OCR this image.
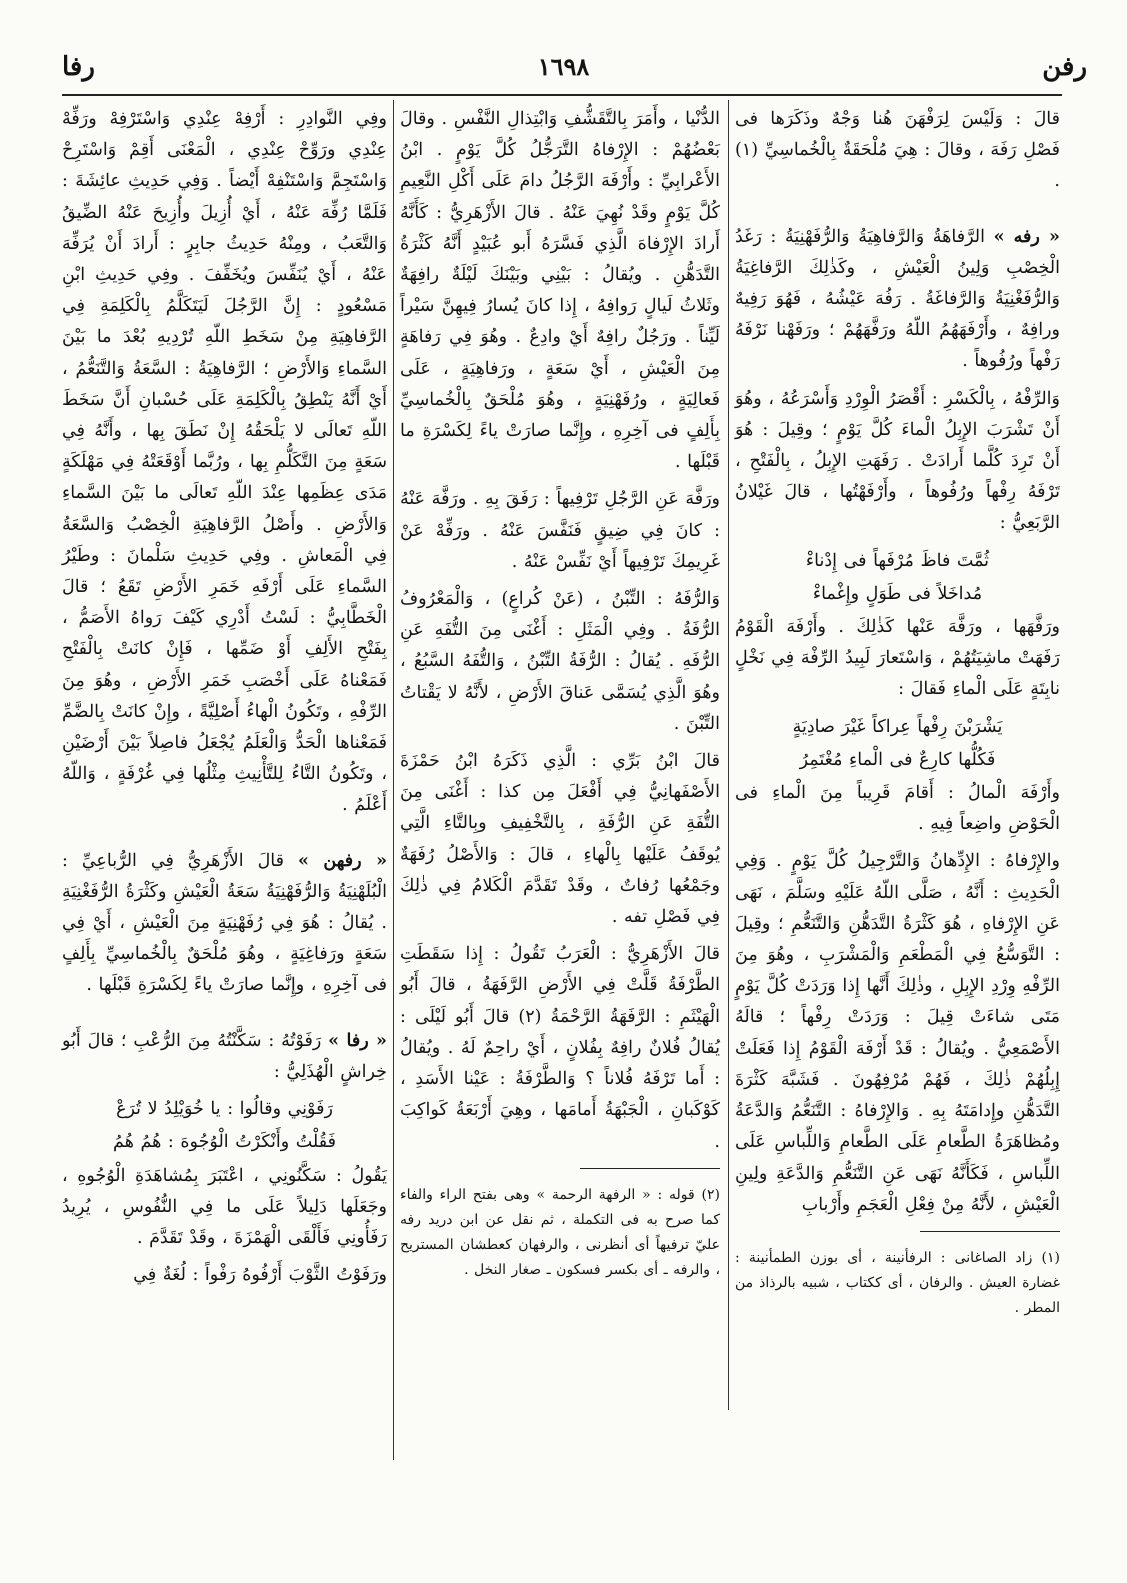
١٦٩٨	رفن
رفا

قالَ : وَلَيْسَ لِرَفْهَنَ هُنا وَجْهٌ وذَكَرَها فى فَصْلِ رَفَهَ ، وقالَ : هِيَ مُلْحَقَةٌ بِالْخُماسِيِّ (١) .

« رفه » الرَّفاهَةُ وَالرَّفاهِيَةُ وَالرُّفَهْنِيَةُ : رَغَدُ الْخِصْبِ وَلِينُ الْعَيْشِ ، وكَذٰلِكَ الرَّفاغِيَةُ وَالرُّفَغْنِيَةُ وَالرَّفاغَةُ . رَفُهَ عَيْشُهُ ، فَهُوَ رَفِيهٌ ورافِهٌ ، وأَرْفَهَهُمُ اللّهُ ورَفَّهَهُمْ ؛ ورَفَهْنا نَرْفَهُ رَفْهاً ورُفُوهاً .

وَالرِّفْهُ ، بِالْكَسْرِ : أَقْصَرُ الْوِرْدِ وَأَسْرَعُهُ ، وهُوَ أَنْ تَشْرَبَ الإِبِلُ الْماءَ كُلَّ يَوْمٍ ؛ وقِيلَ : هُوَ أَنْ تَرِدَ كُلَّما أَرادَتْ . رَفَهَتِ الإِبِلُ ، بِالْفَتْحِ ، تَرْفَهُ رِفْهاً ورُفُوهاً ، وأَرْفَهْتُها ، قالَ غَيْلانُ الرَّبَعِيُّ :

ثُمَّتَ فاظَ مُرْفَهاً فى إِدْناءْ

مُداخَلاً فى طَوَلٍ وإِغْماءْ

ورَفَّهَها ، ورَفَّهَ عَنْها كَذٰلِكَ . وأَرْفَهَ الْقَوْمُ رَفَهَتْ ماشِيَتُهُمْ ، وَاسْتَعارَ لَبِيدُ الرِّفْهَ فِي نَخْلٍ نابِتَةٍ عَلَى الْماءِ فَقالَ :

يَشْرَبْنَ رِفْهاً عِراكاً غَيْرَ صادِيَةٍ

فَكُلُّها كارِعٌ فى الْماءِ مُغْتَمِرُ

وأَرْفَهَ الْمالُ : أَقامَ قَرِيباً مِنَ الْماءِ فى الْحَوْضِ واضِعاً فِيهِ .

والإِرْفاهُ : الإِدِّهانُ وَالتَّرْجِيلُ كُلَّ يَوْمٍ . وَفِي الْحَدِيثِ : أَنَّهُ ، صَلَّى اللّهُ عَلَيْهِ وسَلَّمَ ، نَهَى عَنِ الإِرْفاهِ ، هُوَ كَثْرَةُ التَّدَهُّنِ وَالتَّنَعُّمِ ؛ وقِيلَ : التَّوَسُّعُ فِي الْمَطْعَمِ وَالْمَشْرَبِ ، وهُوَ مِنَ الرِّفْهِ وِرْدِ الإِبِلِ ، وذٰلِكَ أَنَّها إِذا وَرَدَتْ كُلَّ يَوْمٍ مَتَى شاءَتْ قِيلَ : وَرَدَتْ رِفْهاً ؛ قالَهُ الأَصْمَعِيُّ . ويُقالُ : قَدْ أَرْفَهَ الْقَوْمُ إِذا فَعَلَتْ إِبِلُهُمْ ذٰلِكَ ، فَهُمْ مُرْفِهُونَ . فَشَبَّهَ كَثْرَةَ التَّدَهُّنِ وإِدامَتَهُ بِهِ . وَالإِرْفاهُ : التَّنَعُّمُ وَالدَّعَةُ ومُظاهَرَةُ الطَّعامِ عَلَى الطَّعامِ وَاللِّباسِ عَلَى اللِّباسِ ، فَكَأَنَّهُ نَهَى عَنِ التَّنَعُّمِ وَالدَّعَةِ ولِينِ الْعَيْشِ ، لأَنَّهُ مِنْ فِعْلِ الْعَجَمِ وأَرْبابِ

(١) زاد الصاغانى : الرفأنينة ، أى بوزن الطمأنينة : غضارة العيش . والرفان ، أى ككتاب ، شبيه بالرذاذ من المطر .

الدُّنْيا ، وأَمَرَ بِالتَّقَشُّفِ وَابْتِذالِ النَّفْسِ . وقالَ بَعْضُهُمْ : الإِرْفاهُ التَّرَجُّلُ كُلَّ يَوْمٍ . ابْنُ الأَعْرابِيِّ : وأَرْفَهَ الرَّجُلُ دامَ عَلَى أَكْلِ النَّعِيمِ كُلَّ يَوْمٍ وقَدْ نُهِيَ عَنْهُ . قالَ الأَزْهَرِيُّ : كَأَنَّهُ أَرادَ الإِرْفاهَ الَّذِي فَسَّرَهُ أَبو عُبَيْدٍ أَنَّهُ كَثْرَةُ التَّدَهُّنِ . ويُقالُ : بَيْنِي وبَيْنَكَ لَيْلَةٌ رافِهَةٌ وثَلاثُ لَيالٍ رَوافِهُ ، إِذا كانَ يُسارُ فِيهِنَّ سَيْراً لَيِّناً . ورَجُلٌ رافِهٌ أَيْ وادِعٌ . وهُوَ فِي رَفاهَةٍ مِنَ الْعَيْشِ ، أَيْ سَعَةٍ ، ورَفاهِيَةٍ ، عَلَى فَعالِيَةٍ ، ورُفَهْنِيَةٍ ، وهُوَ مُلْحَقٌ بِالْخُماسِيِّ بِأَلِفٍ فى آخِرِهِ ، وإِنَّما صارَتْ ياءً لِكَسْرَةِ ما قَبْلَها .

ورَفَّهَ عَنِ الرَّجُلِ تَرْفِيهاً : رَفَقَ بِهِ . ورَفَّهَ عَنْهُ : كانَ فِي ضِيقٍ فَنَفَّسَ عَنْهُ . ورَفِّهْ عَنْ غَرِيمِكَ تَرْفِيهاً أَيْ نَفِّسْ عَنْهُ .

وَالرُّفَهُ : التِّبْنُ ، (عَنْ كُراعٍ) ، وَالْمَعْرُوفُ الرُّفَةُ . وفِي الْمَثَلِ : أَغْنَى مِنَ التُّفَهِ عَنِ الرُّفَهِ . يُقالُ : الرُّفَةُ التِّبْنُ ، وَالتُّفَهُ السَّبُعُ ، وهُوَ الَّذِي يُسَمَّى عَناقَ الأَرْضِ ، لأَنَّهُ لا يَقْتاتُ التِّبْنَ .

قالَ ابْنُ بَرِّي : الَّذِي ذَكَرَهُ ابْنُ حَمْزَةَ الأَصْفَهانِيُّ فِي أَفْعَلَ مِن كذا : أَغْنَى مِنَ التُّفَةِ عَنِ الرُّفَةِ ، بِالتَّخْفِيفِ وبِالتَّاءِ الَّتِي يُوقَفُ عَلَيْها بِالْهاءِ ، قالَ : وَالأَصْلُ رُفَهَةٌ وجَمْعُها رُفاتٌ ، وقَدْ تَقَدَّمَ الْكَلامُ فِي ذٰلِكَ فِي فَصْلِ تفه .

قالَ الأَزْهَرِيُّ : الْعَرَبُ تَقُولُ : إِذا سَقَطَتِ الطَّرْفَةُ قَلَّتْ فِي الأَرْضِ الرَّفَهَةُ ، قالَ أَبُو الْهَيْثَمِ : الرَّفَهَةُ الرَّحْمَةُ (٢) قالَ أَبُو لَيْلَى : يُقالُ فُلانٌ رافِهٌ بِفُلانٍ ، أَيْ راحِمٌ لَهُ . ويُقالُ : أَما تَرْفَهُ فُلاناً ؟ وَالطَّرْفَةُ : عَيْنا الأَسَدِ ، كَوْكَبانِ ، الْجَبْهَةُ أَمامَها ، وهِيَ أَرْبَعَةُ كَواكِبَ .

(٢) قوله : « الرفهة الرحمة » وهى بفتح الراء والفاء كما صرح به فى التكملة ، ثم نقل عن ابن دريد رفه عليّ ترفيهاً أى أنظرنى ، والرفهان كعطشان المستريح ، والرفه ـ أى بكسر فسكون ـ صغار النخل .

وفِي النَّوادِرِ : أَرْفِهْ عِنْدِي وَاسْتَرْفِهْ ورَفِّهْ عِنْدِي ورَوِّحْ عِنْدِي ، الْمَعْنَى أَقِمْ وَاسْتَرِحْ وَاسْتَجِمَّ وَاسْتَنْفِهْ أَيْضاً . وَفِي حَدِيثِ عائِشَةَ : فَلَمَّا رُفِّهَ عَنْهُ ، أَيْ أُزِيلَ وأُزِيحَ عَنْهُ الضِّيقُ وَالتَّعَبُ ، ومِنْهُ حَدِيثُ جابِرٍ : أَرادَ أَنْ يُرَفِّهَ عَنْهُ ، أَيْ يُنَفِّسَ ويُخَفِّفَ . وفِي حَدِيثِ ابْنِ مَسْعُودٍ : إِنَّ الرَّجُلَ لَيَتَكَلَّمُ بِالْكَلِمَةِ فِي الرَّفاهِيَةِ مِنْ سَخَطِ اللّهِ تُرْدِيهِ بُعْدَ ما بَيْنَ السَّماءِ وَالأَرْضِ ؛ الرَّفاهِيَةُ : السَّعَةُ وَالتَّنَعُّمُ ، أَيْ أَنَّهُ يَنْطِقُ بِالْكَلِمَةِ عَلَى حُسْبانِ أَنَّ سَخَطَ اللّهِ تَعالَى لا يَلْحَقُهُ إِنْ نَطَقَ بِها ، وأَنَّهُ فِي سَعَةٍ مِنَ التَّكَلُّمِ بِها ، ورُبَّما أَوْقَعَتْهُ فِي مَهْلَكَةٍ مَدَى عِظَمِها عِنْدَ اللّهِ تَعالَى ما بَيْنَ السَّماءِ وَالأَرْضِ . وأَصْلُ الرَّفاهِيَةِ الْخِصْبُ وَالسَّعَةُ فِي الْمَعاشِ . وفِي حَدِيثِ سَلْمانَ : وطَيْرُ السَّماءِ عَلَى أَرْفَهِ خَمَرِ الأَرْضِ تَقَعُ ؛ قالَ الْخَطَّابِيُّ : لَسْتُ أَدْرِي كَيْفَ رَواهُ الأَصَمُّ ، بِفَتْحِ الأَلِفِ أَوْ ضَمِّها ، فَإِنْ كانَتْ بِالْفَتْحِ فَمَعْناهُ عَلَى أَخْصَبِ خَمَرِ الأَرْضِ ، وهُوَ مِنَ الرِّفْهِ ، وتَكُونُ الْهاءُ أَصْلِيَّةً ، وإِنْ كانَتْ بِالضَّمِّ فَمَعْناها الْحَدُّ وَالْعَلَمُ يُجْعَلُ فاصِلاً بَيْنَ أَرْضَيْنِ ، وتَكُونُ التَّاءُ لِلتَّأْنِيثِ مِثْلُها فِي غُرْفَةٍ ، وَاللّهُ أَعْلَمُ .

« رفهن » قالَ الأَزْهَرِيُّ فِي الرُّباعِيِّ : الْبُلَهْنِيَةُ وَالرُّفَهْنِيَةُ سَعَةُ الْعَيْشِ وكَثْرَةُ الرُّفَغْنِيَةِ . يُقالُ : هُوَ فِي رُفَهْنِيَةٍ مِنَ الْعَيْشِ ، أَيْ فِي سَعَةٍ ورَفاغِيَةٍ ، وهُوَ مُلْحَقٌ بِالْخُماسِيِّ بِأَلِفٍ فى آخِرِهِ ، وإِنَّما صارَتْ ياءً لِكَسْرَةِ قَبْلَها .

« رفا » رَفَوْتُهُ : سَكَّنْتُهُ مِنَ الرُّعْبِ ؛ قالَ أَبُو خِراشٍ الْهُذَلِيُّ :

رَفَوْنِي وقالُوا : يا خُوَيْلِدُ لا تُرَعْ

فَقُلْتُ وأَنْكَرْتُ الْوُجُوهَ : هُمُ هُمُ

يَقُولُ : سَكَّنُونِي ، اعْتَبَرَ بِمُشاهَدَةِ الْوُجُوهِ ، وجَعَلَها دَلِيلاً عَلَى ما فِي النُّفُوسِ ، يُرِيدُ رَفَأُونِي فَأَلْقَى الْهَمْزَةَ ، وقَدْ تَقَدَّمَ .

ورَفَوْتُ الثَّوْبَ أَرْفُوهُ رَفْواً : لُغَةٌ فِي
